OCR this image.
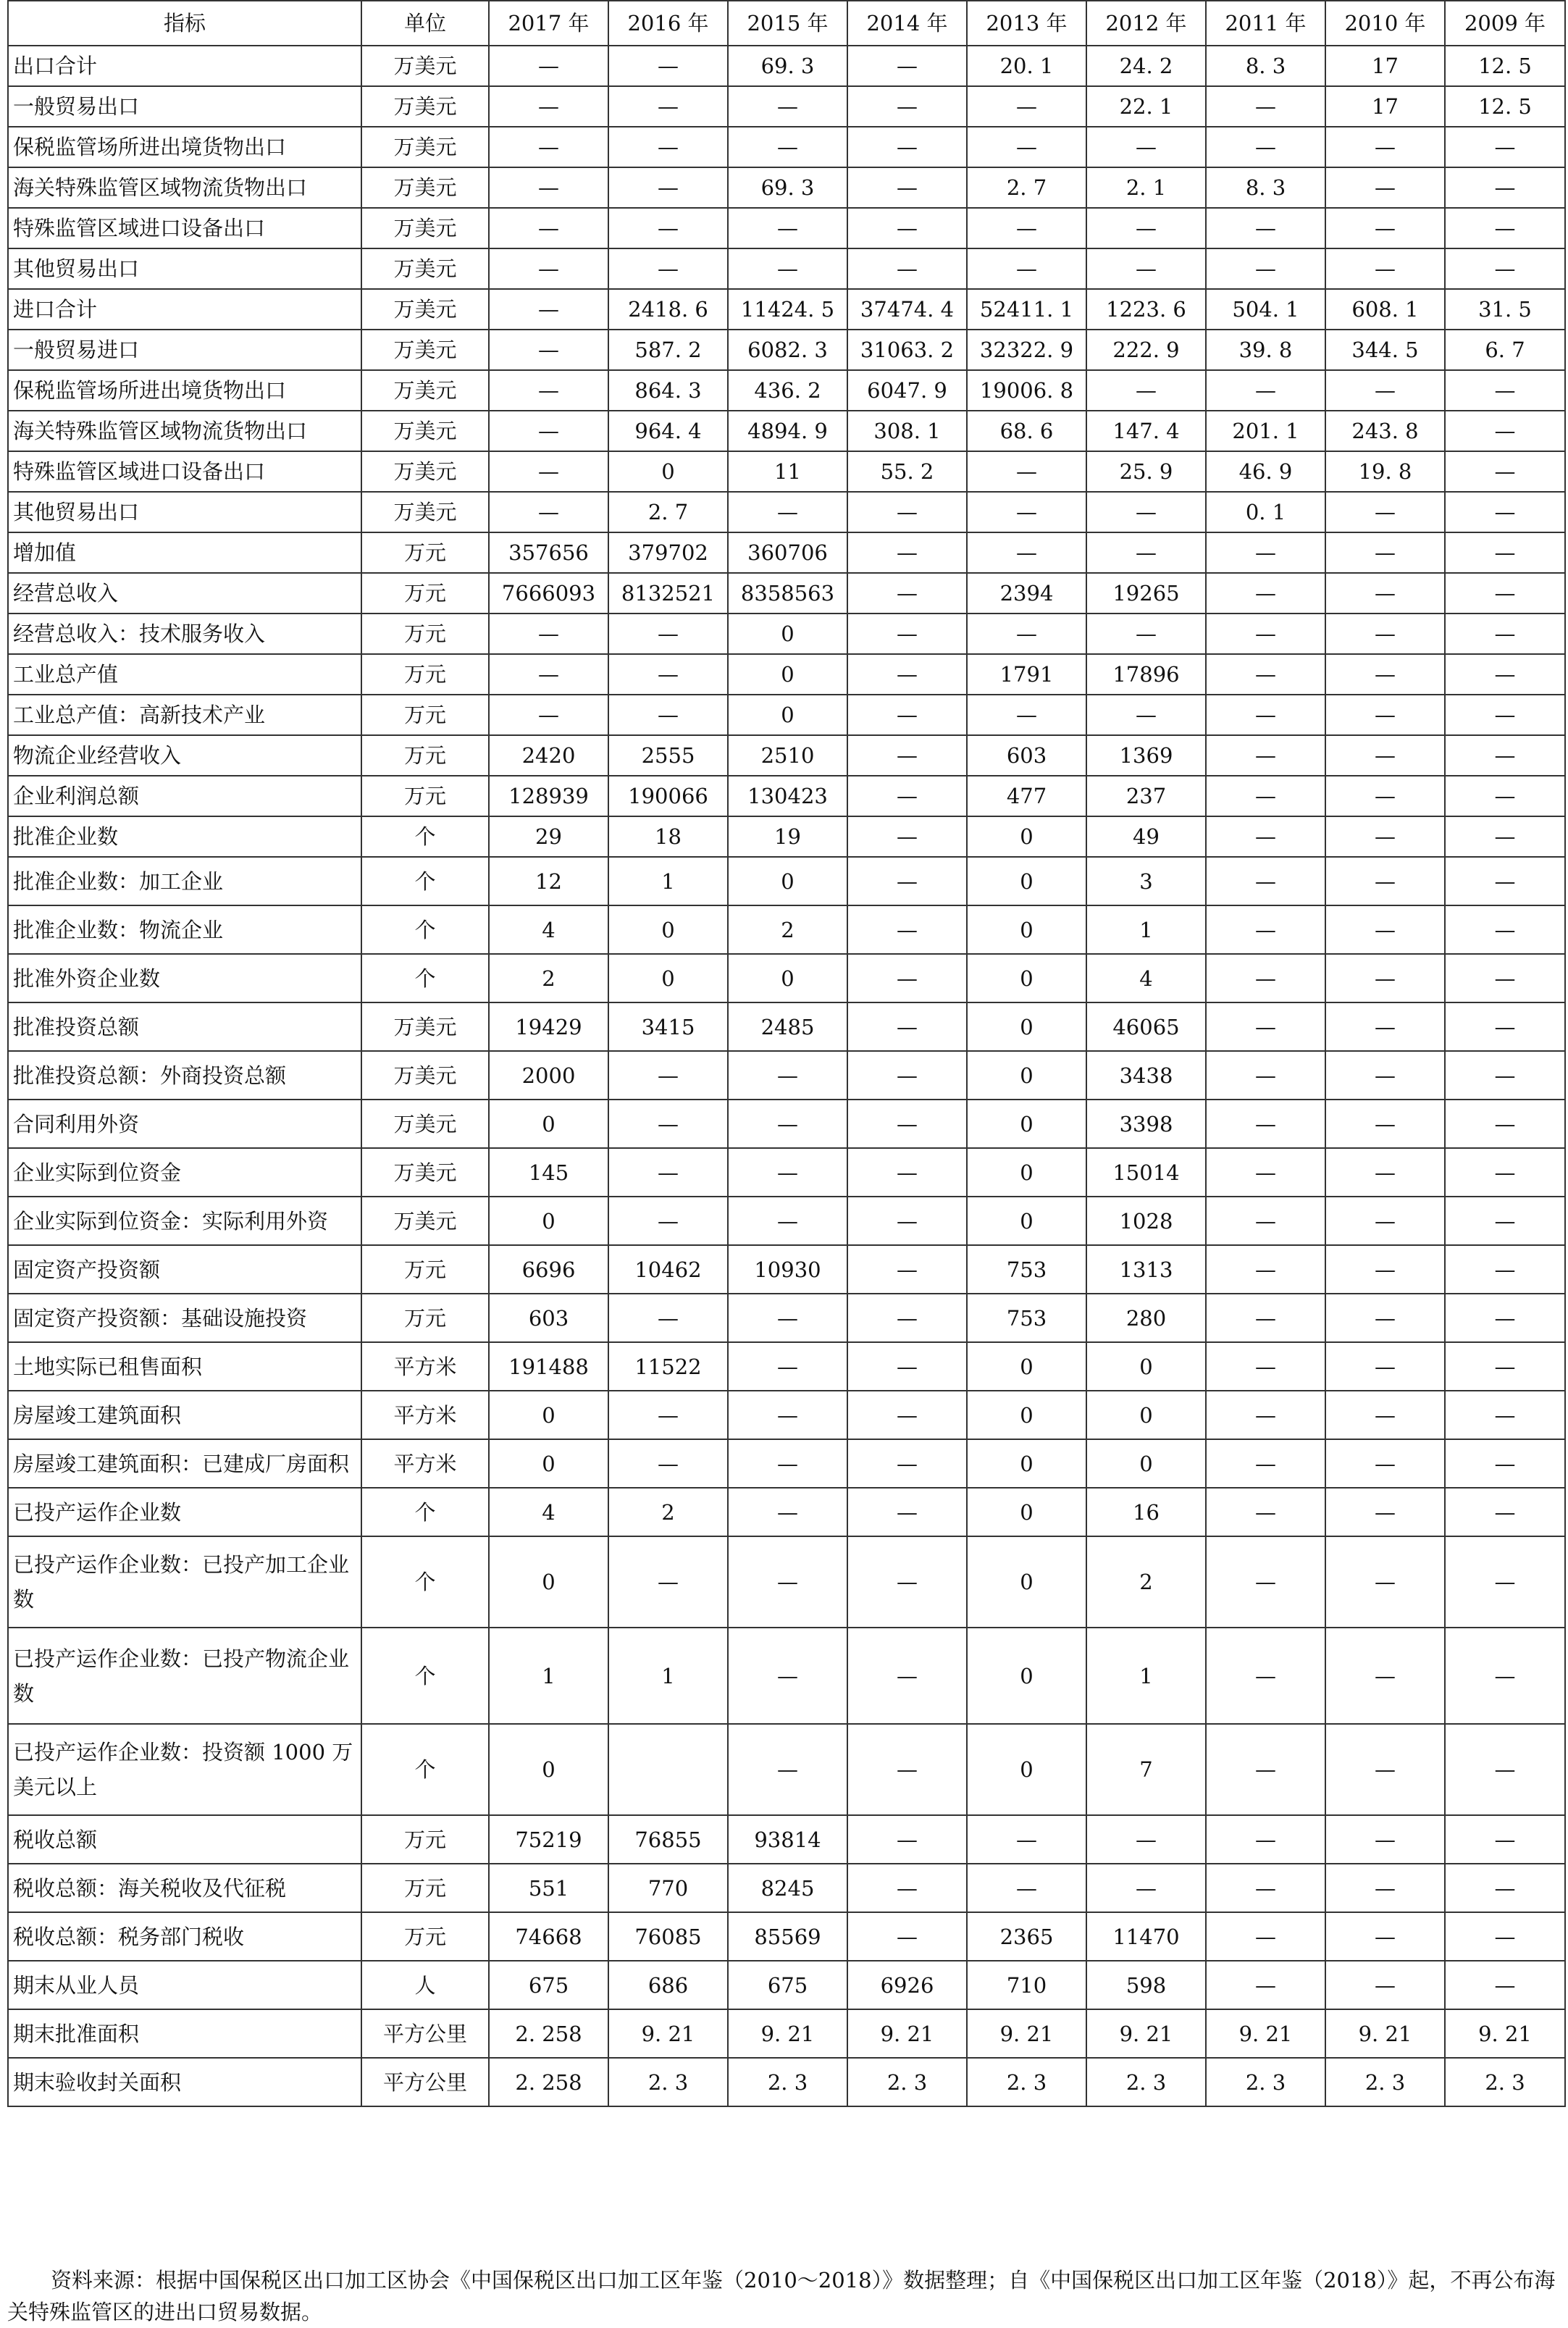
指标	单位	2017 年	2016 年	2015 年	2014 年	2013 年	2012 年	2011 年	2010 年	2009 年
出口合计	万美元	—	—	69. 3	—	20. 1	24. 2	8. 3	17	12. 5
一般贸易出口	万美元	—	—	—	—	—	22. 1	—	17	12. 5
保税监管场所进出境货物出口	万美元	—	—	—	—	—	—	—	—	—
海关特殊监管区域物流货物出口	万美元	—	—	69. 3	—	2. 7	2. 1	8. 3	—	—
特殊监管区域进口设备出口	万美元	—	—	—	—	—	—	—	—	—
其他贸易出口	万美元	—	—	—	—	—	—	—	—	—
进口合计	万美元	—	2418. 6	11424. 5	37474. 4	52411. 1	1223. 6	504. 1	608. 1	31. 5
一般贸易进口	万美元	—	587. 2	6082. 3	31063. 2	32322. 9	222. 9	39. 8	344. 5	6. 7
保税监管场所进出境货物出口	万美元	—	864. 3	436. 2	6047. 9	19006. 8	—	—	—	—
海关特殊监管区域物流货物出口	万美元	—	964. 4	4894. 9	308. 1	68. 6	147. 4	201. 1	243. 8	—
特殊监管区域进口设备出口	万美元	—	0	11	55. 2	—	25. 9	46. 9	19. 8	—
其他贸易出口	万美元	—	2. 7	—	—	—	—	0. 1	—	—
增加值	万元	357656	379702	360706	—	—	—	—	—	—
经营总收入	万元	7666093	8132521	8358563	—	2394	19265	—	—	—
经营总收入：技术服务收入	万元	—	—	0	—	—	—	—	—	—
工业总产值	万元	—	—	0	—	1791	17896	—	—	—
工业总产值：高新技术产业	万元	—	—	0	—	—	—	—	—	—
物流企业经营收入	万元	2420	2555	2510	—	603	1369	—	—	—
企业利润总额	万元	128939	190066	130423	—	477	237	—	—	—
批准企业数	个	29	18	19	—	0	49	—	—	—
批准企业数：加工企业	个	12	1	0	—	0	3	—	—	—
批准企业数：物流企业	个	4	0	2	—	0	1	—	—	—
批准外资企业数	个	2	0	0	—	0	4	—	—	—
批准投资总额	万美元	19429	3415	2485	—	0	46065	—	—	—
批准投资总额：外商投资总额	万美元	2000	—	—	—	0	3438	—	—	—
合同利用外资	万美元	0	—	—	—	0	3398	—	—	—
企业实际到位资金	万美元	145	—	—	—	0	15014	—	—	—
企业实际到位资金：实际利用外资	万美元	0	—	—	—	0	1028	—	—	—
固定资产投资额	万元	6696	10462	10930	—	753	1313	—	—	—
固定资产投资额：基础设施投资	万元	603	—	—	—	753	280	—	—	—
土地实际已租售面积	平方米	191488	11522	—	—	0	0	—	—	—
房屋竣工建筑面积	平方米	0	—	—	—	0	0	—	—	—
房屋竣工建筑面积：已建成厂房面积	平方米	0	—	—	—	0	0	—	—	—
已投产运作企业数	个	4	2	—	—	0	16	—	—	—
已投产运作企业数：已投产加工企业数	个	0	—	—	—	0	2	—	—	—
已投产运作企业数：已投产物流企业数	个	1	1	—	—	0	1	—	—	—
已投产运作企业数：投资额 1000 万美元以上	个	0		—	—	0	7	—	—	—
税收总额	万元	75219	76855	93814	—	—	—	—	—	—
税收总额：海关税收及代征税	万元	551	770	8245	—	—	—	—	—	—
税收总额：税务部门税收	万元	74668	76085	85569	—	2365	11470	—	—	—
期末从业人员	人	675	686	675	6926	710	598	—	—	—
期末批准面积	平方公里	2. 258	9. 21	9. 21	9. 21	9. 21	9. 21	9. 21	9. 21	9. 21
期末验收封关面积	平方公里	2. 258	2. 3	2. 3	2. 3	2. 3	2. 3	2. 3	2. 3	2. 3
资料来源：根据中国保税区出口加工区协会《中国保税区出口加工区年鉴（2010～2018）》数据整理；自《中国保税区出口加工区年鉴（2018）》起，不再公布海关特殊监管区的进出口贸易数据。
